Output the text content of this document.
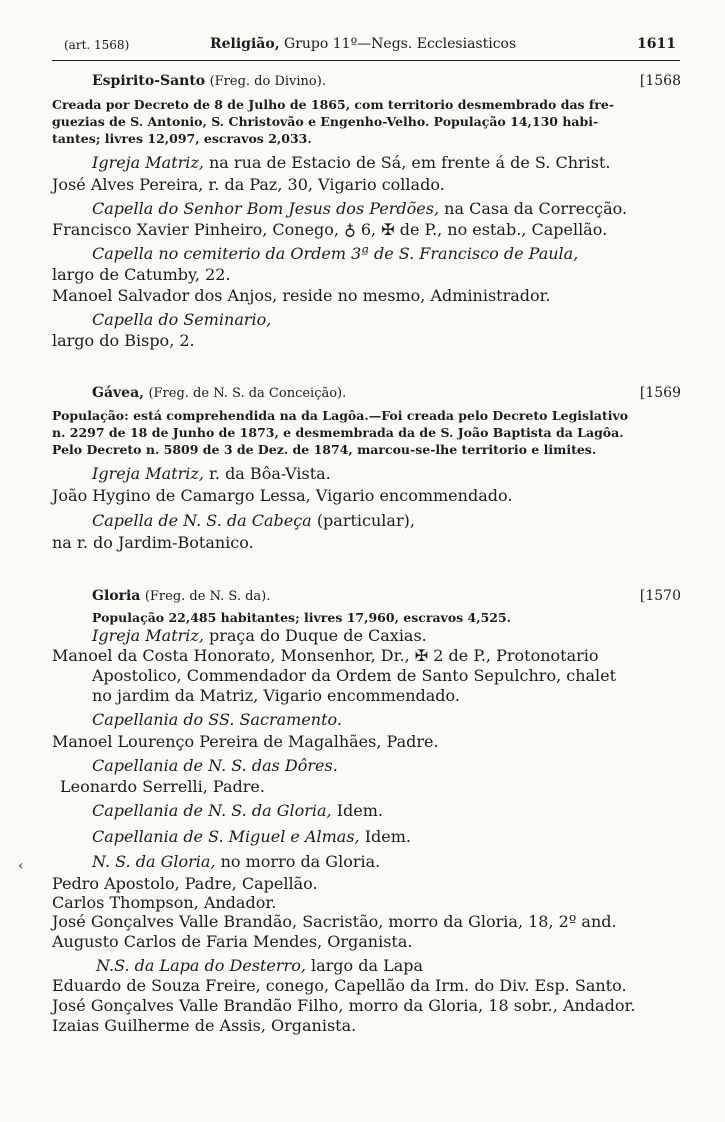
(art. 1568)	Religião, Grupo 11º—Negs. Ecclesiasticos	1611
Espirito-Santo (Freg. do Divino).	[1568
Creada por Decreto de 8 de Julho de 1865, com territorio desmembrado das fre-
guezias de S. Antonio, S. Christovão e Engenho-Velho. População 14,130 habi-
tantes; livres 12,097, escravos 2,033.
Igreja Matriz, na rua de Estacio de Sá, em frente á de S. Christ.
José Alves Pereira, r. da Paz, 30, Vigario collado.
Capella do Senhor Bom Jesus dos Perdões, na Casa da Correcção.
Francisco Xavier Pinheiro, Conego, ♁ 6, ✠ de P., no estab., Capellão.
Capella no cemiterio da Ordem 3ª de S. Francisco de Paula,
largo de Catumby, 22.
Manoel Salvador dos Anjos, reside no mesmo, Administrador.
Capella do Seminario,
largo do Bispo, 2.
Gávea, (Freg. de N. S. da Conceição).	[1569
População: está comprehendida na da Lagôa.—Foi creada pelo Decreto Legislativo
n. 2297 de 18 de Junho de 1873, e desmembrada da de S. João Baptista da Lagôa.
Pelo Decreto n. 5809 de 3 de Dez. de 1874, marcou-se-lhe territorio e limites.
Igreja Matriz, r. da Bôa-Vista.
João Hygino de Camargo Lessa, Vigario encommendado.
Capella de N. S. da Cabeça (particular),
na r. do Jardim-Botanico.
Gloria (Freg. de N. S. da).	[1570
População 22,485 habitantes; livres 17,960, escravos 4,525.
Igreja Matriz, praça do Duque de Caxias.
Manoel da Costa Honorato, Monsenhor, Dr., ✠ 2 de P., Protonotario
Apostolico, Commendador da Ordem de Santo Sepulchro, chalet
no jardim da Matriz, Vigario encommendado.
Capellania do SS. Sacramento.
Manoel Lourenço Pereira de Magalhães, Padre.
Capellania de N. S. das Dôres.
Leonardo Serrelli, Padre.
Capellania de N. S. da Gloria, Idem.
Capellania de S. Miguel e Almas, Idem.
N. S. da Gloria, no morro da Gloria.
Pedro Apostolo, Padre, Capellão.
Carlos Thompson, Andador.
José Gonçalves Valle Brandão, Sacristão, morro da Gloria, 18, 2º and.
Augusto Carlos de Faria Mendes, Organista.
N.S. da Lapa do Desterro, largo da Lapa
Eduardo de Souza Freire, conego, Capellão da Irm. do Div. Esp. Santo.
José Gonçalves Valle Brandão Filho, morro da Gloria, 18 sobr., Andador.
Izaias Guilherme de Assis, Organista.
‹
